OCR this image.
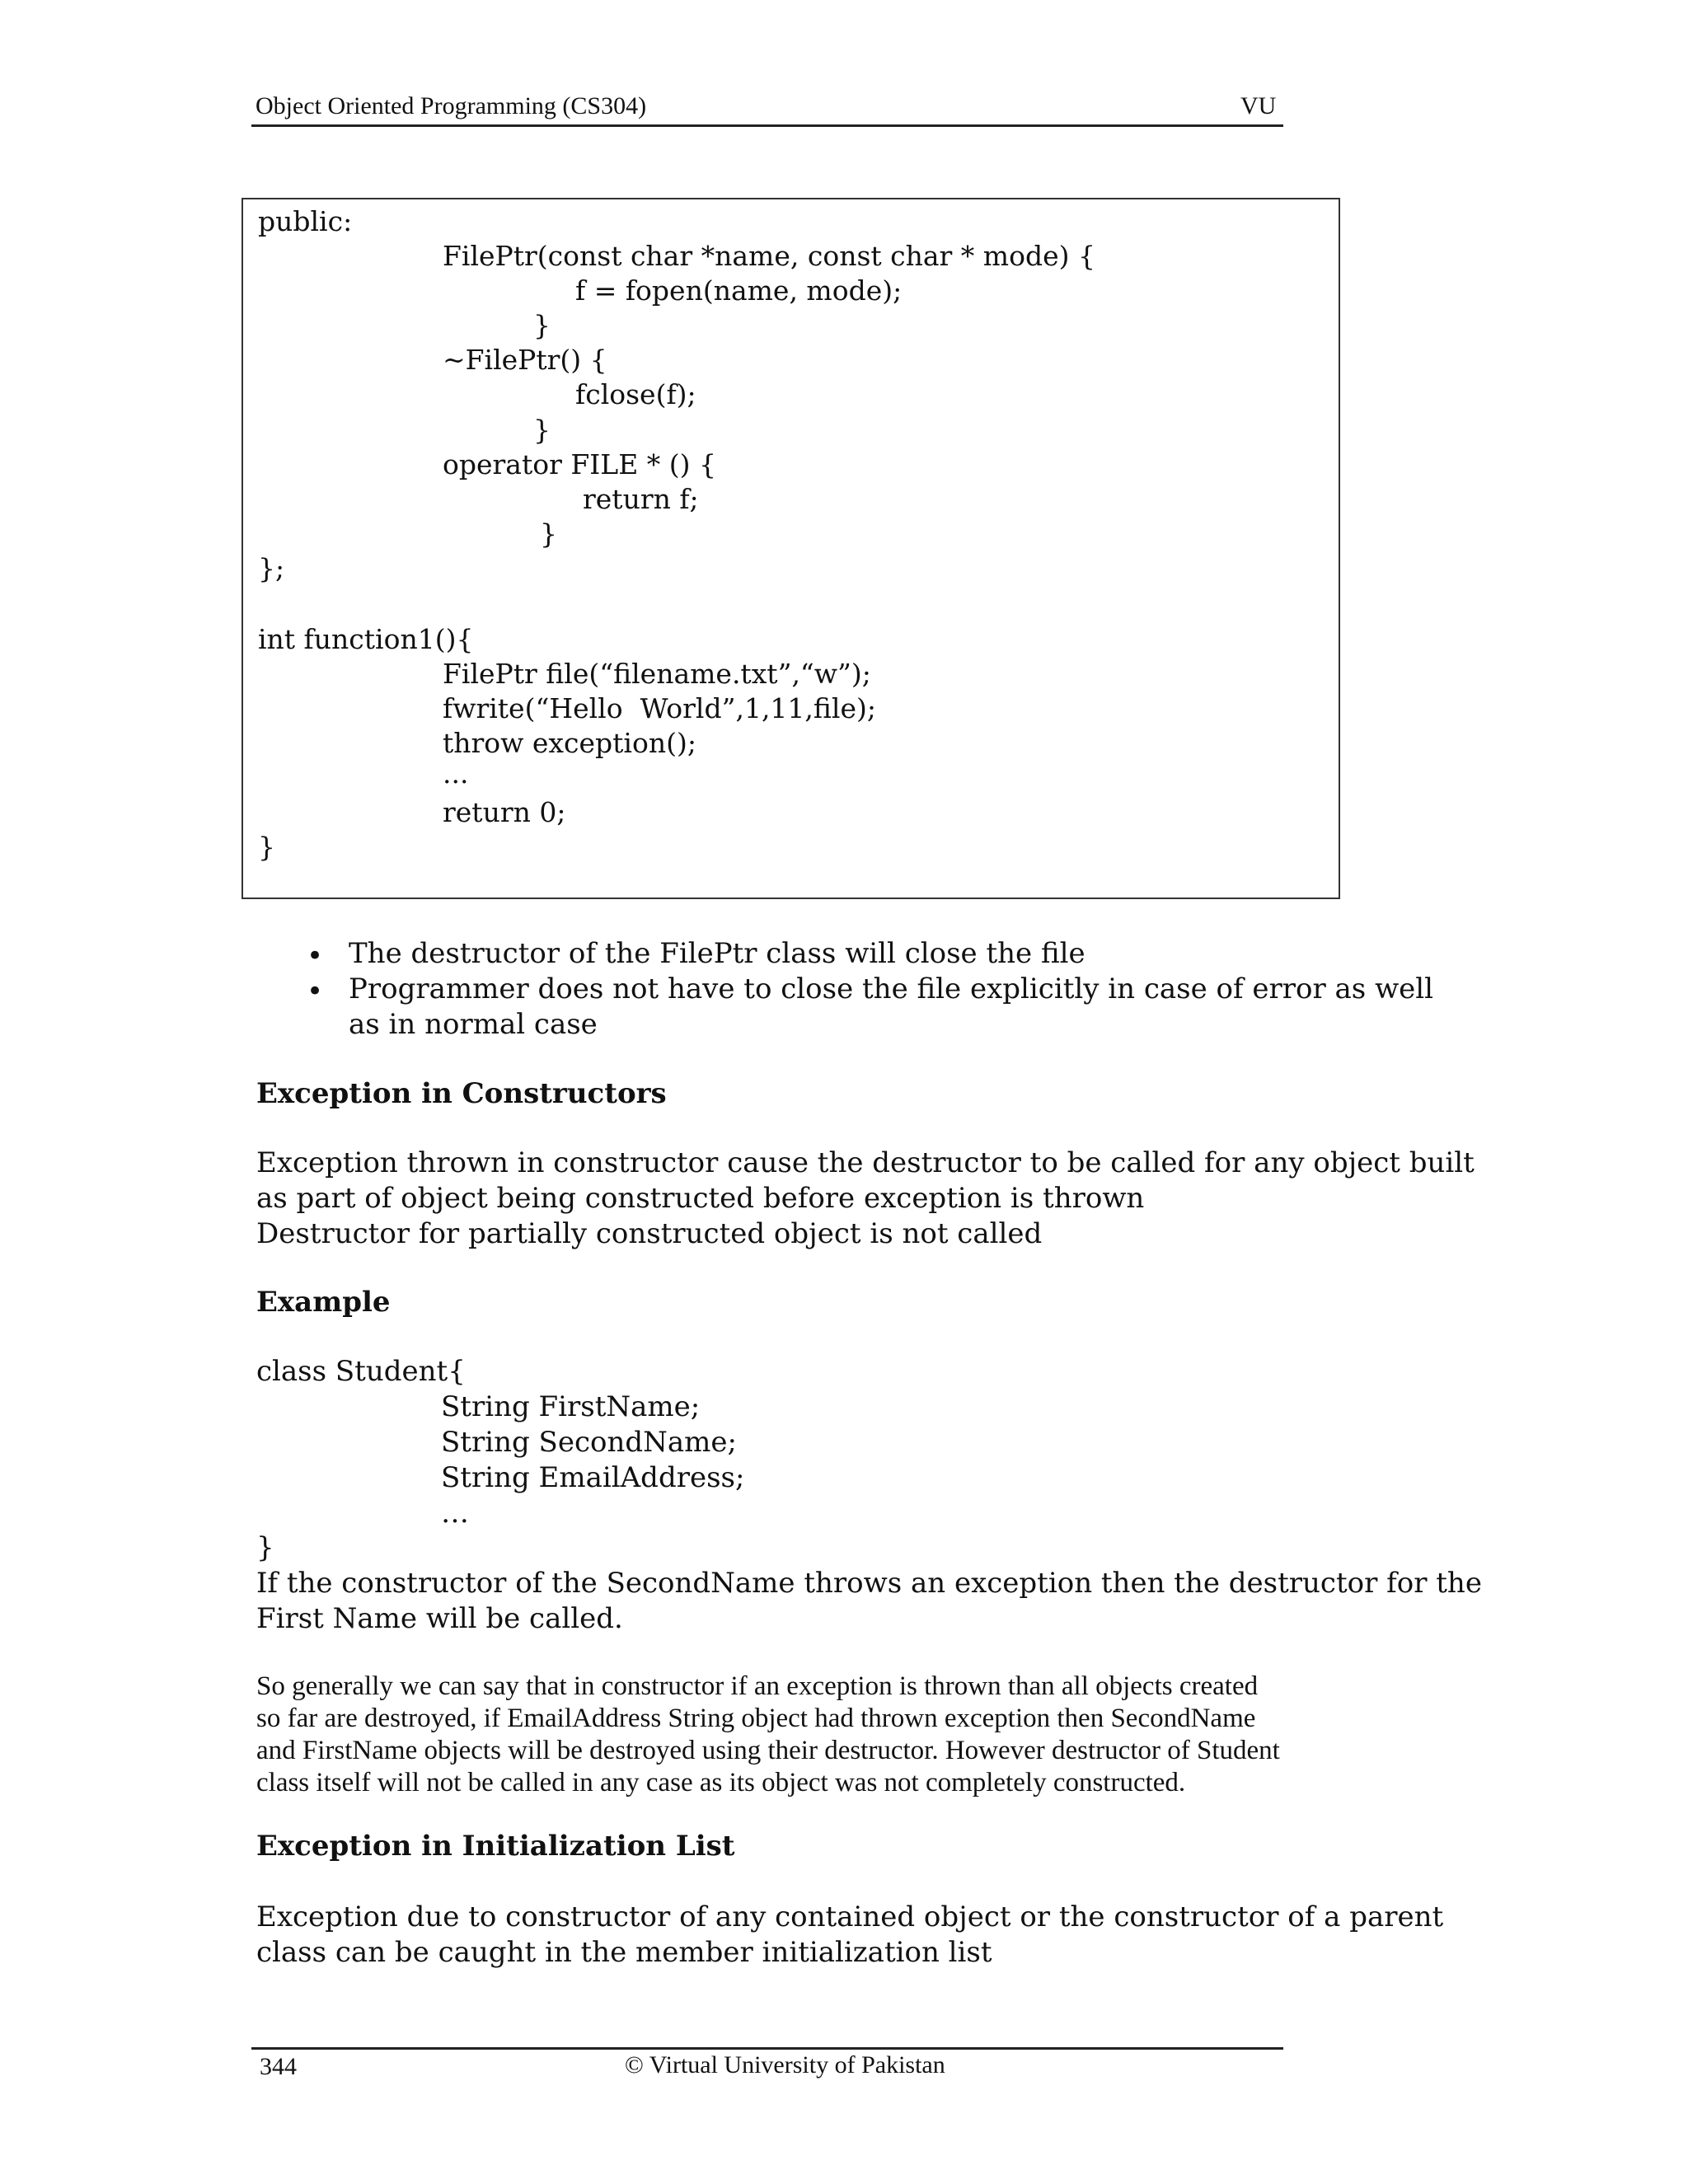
Object Oriented Programming (CS304)	VU
public:
FilePtr(const char *name, const char * mode) {
f = fopen(name, mode);
}
~FilePtr() {
fclose(f);
}
operator FILE * () {
return f;
}
};
int function1(){
FilePtr file(“filename.txt”,“w”);
fwrite(“Hello  World”,1,11,file);
throw exception();
...
return 0;
}
• The destructor of the FilePtr class will close the file
• Programmer does not have to close the file explicitly in case of error as well
as in normal case
Exception in Constructors
Exception thrown in constructor cause the destructor to be called for any object built
as part of object being constructed before exception is thrown
Destructor for partially constructed object is not called
Example
class Student{
String FirstName;
String SecondName;
String EmailAddress;
…
}
If the constructor of the SecondName throws an exception then the destructor for the
First Name will be called.
So generally we can say that in constructor if an exception is thrown than all objects created
so far are destroyed, if EmailAddress String object had thrown exception then SecondName
and FirstName objects will be destroyed using their destructor. However destructor of Student
class itself will not be called in any case as its object was not completely constructed.
Exception in Initialization List
Exception due to constructor of any contained object or the constructor of a parent
class can be caught in the member initialization list
344	© Virtual University of Pakistan
